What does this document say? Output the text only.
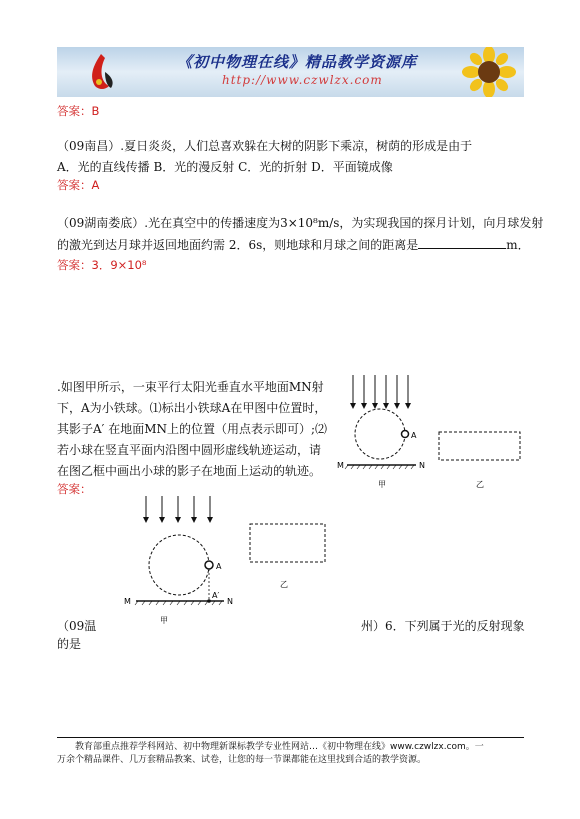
《初中物理在线》精品教学资源库
http://www.czwlzx.com
答案：B
（09南昌）.夏日炎炎，人们总喜欢躲在大树的阴影下乘凉，树荫的形成是由于
A．光的直线传播 B．光的漫反射 C．光的折射 D．平面镜成像
答案：A
（09湖南娄底）.光在真空中的传播速度为3×10⁸m/s，为实现我国的探月计划，向月球发射
的激光到达月球并返回地面约需 2．6s，则地球和月球之间的距离是	m．
答案：3．9×10⁸
.如图甲所示，一束平行太阳光垂直水平地面MN射
下，A为小铁球。⑴标出小铁球A在甲图中位置时，
其影子A′ 在地面MN上的位置（用点表示即可）;⑵
若小球在竖直平面内沿图中圆形虚线轨迹运动，请
在图乙框中画出小球的影子在地面上运动的轨迹。
答案：
A
M	N
甲	乙
A
A′
M	N
甲
乙
（09温	州）6．下列属于光的反射现象
的是
教育部重点推荐学科网站、初中物理新课标教学专业性网站…《初中物理在线》www.czwlzx.com。一
万余个精品课件、几万套精品教案、试卷，让您的每一节课都能在这里找到合适的教学资源。
